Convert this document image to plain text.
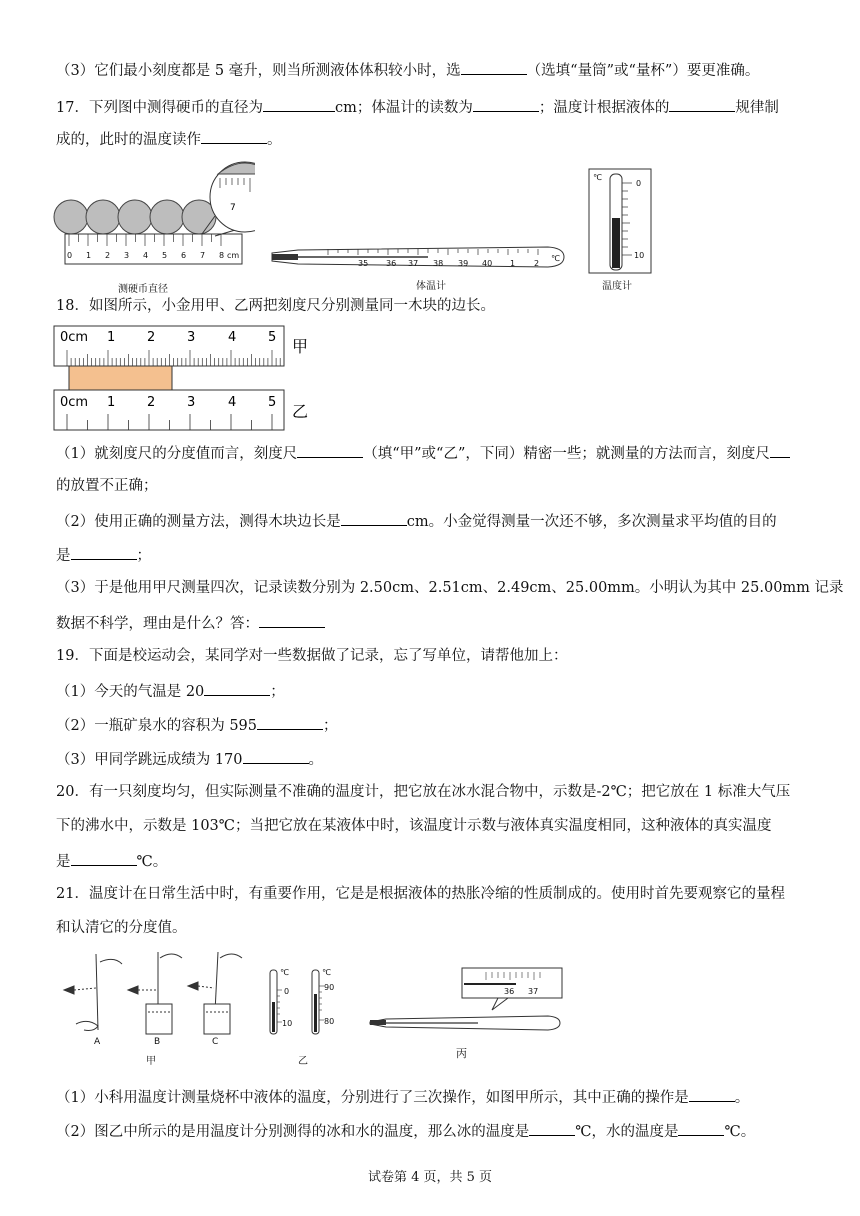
（3）它们最小刻度都是 5 毫升，则当所测液体体积较小时，选	（选填“量筒”或“量杯”）要更准确。
17．下列图中测得硬币的直径为	cm；体温计的读数为	；温度计根据液体的	规律制
成的，此时的温度读作	。
0 1 2 3 4 5 6 7 8 cm
7
测硬币直径
35 36 37 38 39 40 1 2
℃
体温计
℃
0
10
温度计
18．如图所示，小金用甲、乙两把刻度尺分别测量同一木块的边长。
0cm 1 2 3	4 5
0cm 1 2 3	4 5
甲
乙
（1）就刻度尺的分度值而言，刻度尺	（填“甲”或“乙”，下同）精密一些；就测量的方法而言，刻度尺
的放置不正确；
（2）使用正确的测量方法，测得木块边长是	cm。小金觉得测量一次还不够，多次测量求平均值的目的
是	；
（3）于是他用甲尺测量四次，记录读数分别为 2.50cm、2.51cm、2.49cm、25.00mm。小明认为其中 25.00mm 记录
数据不科学，理由是什么？答：
19．下面是校运动会，某同学对一些数据做了记录，忘了写单位，请帮他加上：
（1）今天的气温是 20	；
（2）一瓶矿泉水的容积为 595	；
（3）甲同学跳远成绩为 170	。
20．有一只刻度均匀，但实际测量不准确的温度计，把它放在冰水混合物中，示数是-2℃；把它放在 1 标准大气压
下的沸水中，示数是 103℃；当把它放在某液体中时，该温度计示数与液体真实温度相同，这种液体的真实温度
是	℃。
21．温度计在日常生活中时，有重要作用，它是是根据液体的热胀冷缩的性质制成的。使用时首先要观察它的量程
和认清它的分度值。
A	B	C
甲
℃	℃
0
10
90
80
乙
36 37
丙
（1）小科用温度计测量烧杯中液体的温度，分别进行了三次操作，如图甲所示，其中正确的操作是	。
（2）图乙中所示的是用温度计分别测得的冰和水的温度，那么冰的温度是	℃，水的温度是	℃。
试卷第 4 页，共 5 页
